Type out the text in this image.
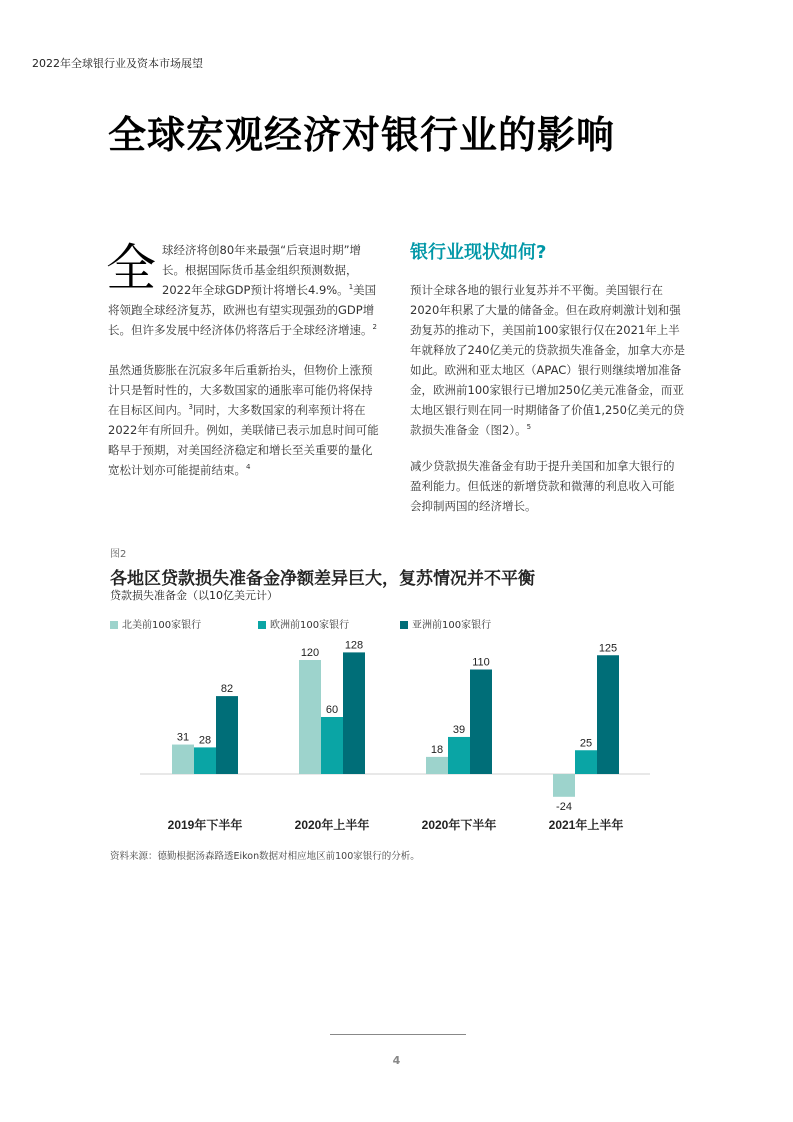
2022年全球银行业及资本市场展望
全球宏观经济对银行业的影响
全球经济将创80年来最强“后衰退时期”增长。根据国际货币基金组织预测数据，2022年全球GDP预计将增长4.9%。$^1$美国将领跑全球经济复苏，欧洲也有望实现强劲的GDP增长。但许多发展中经济体仍将落后于全球经济增速。$^2$
虽然通货膨胀在沉寂多年后重新抬头，但物价上涨预计只是暂时性的，大多数国家的通胀率可能仍将保持在目标区间内。$^3$同时，大多数国家的利率预计将在2022年有所回升。例如，美联储已表示加息时间可能略早于预期，对美国经济稳定和增长至关重要的量化宽松计划亦可能提前结束。$^4$
银行业现状如何?
预计全球各地的银行业复苏并不平衡。美国银行在2020年积累了大量的储备金。但在政府刺激计划和强劲复苏的推动下，美国前100家银行仅在2021年上半年就释放了240亿美元的贷款损失准备金，加拿大亦是如此。欧洲和亚太地区（APAC）银行则继续增加准备金，欧洲前100家银行已增加250亿美元准备金，而亚太地区银行则在同一时期储备了价值1,250亿美元的贷款损失准备金（图2）。$^5$
减少贷款损失准备金有助于提升美国和加拿大银行的盈利能力。但低迷的新增贷款和微薄的利息收入可能会抑制两国的经济增长。
图2
各地区贷款损失准备金净额差异巨大，复苏情况并不平衡
贷款损失准备金（以10亿美元计）
北美前100家银行	欧洲前100家银行	亚洲前100家银行
31 28
82
2019年下半年
120
60
128
2020年上半年
18
39
110
2020年下半年
-24
25
125
2021年上半年
资料来源：德勤根据汤森路透Eikon数据对相应地区前100家银行的分析。
4
